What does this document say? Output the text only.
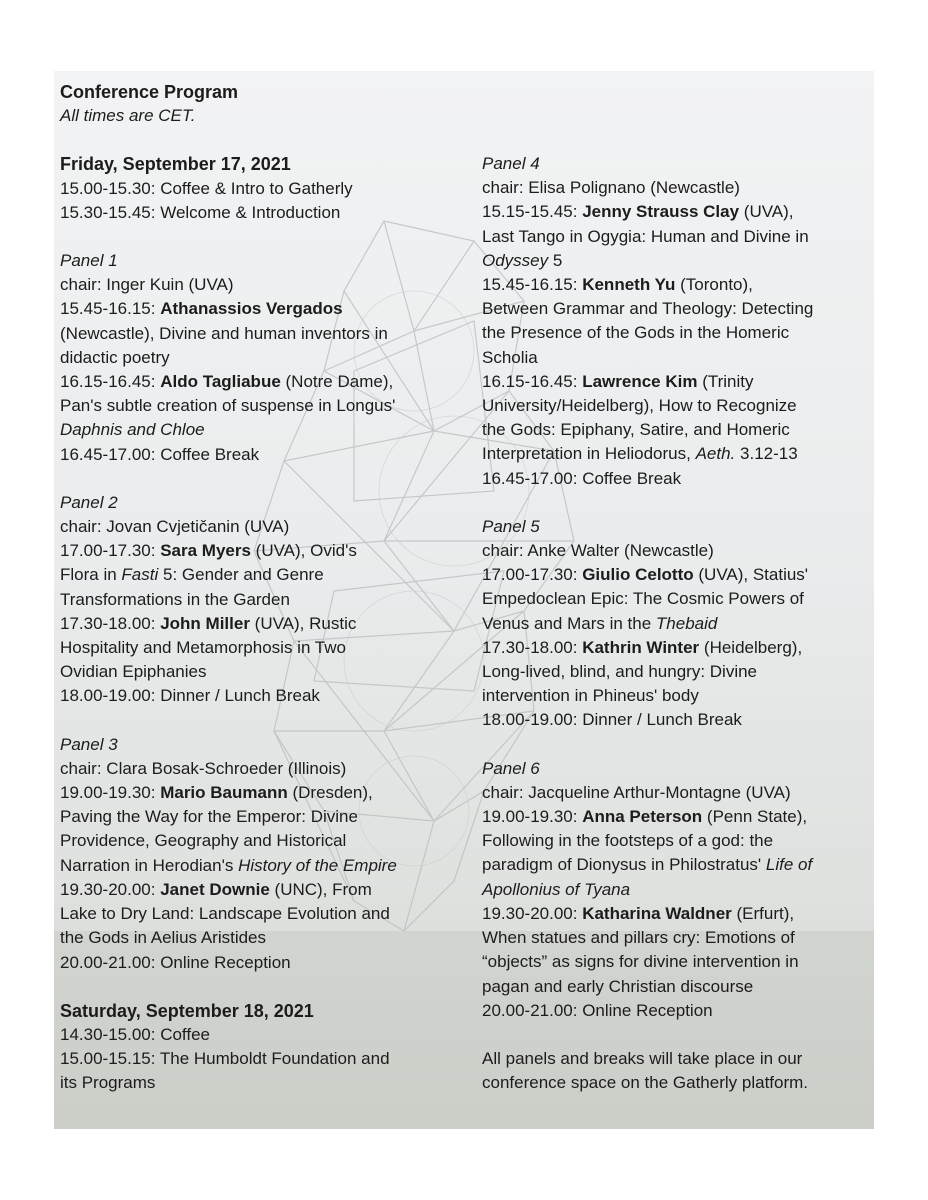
Conference Program
All times are CET.
Friday, September 17, 2021
15.00-15.30: Coffee & Intro to Gatherly
15.30-15.45: Welcome & Introduction
Panel 1
chair: Inger Kuin (UVA)
15.45-16.15: Athanassios Vergados
(Newcastle), Divine and human inventors in
didactic poetry
16.15-16.45: Aldo Tagliabue (Notre Dame),
Pan's subtle creation of suspense in Longus'
Daphnis and Chloe
16.45-17.00: Coffee Break
Panel 2
chair: Jovan Cvjetičanin (UVA)
17.00-17.30: Sara Myers (UVA), Ovid's
Flora in Fasti 5: Gender and Genre
Transformations in the Garden
17.30-18.00: John Miller (UVA), Rustic
Hospitality and Metamorphosis in Two
Ovidian Epiphanies
18.00-19.00: Dinner / Lunch Break
Panel 3
chair: Clara Bosak-Schroeder (Illinois)
19.00-19.30: Mario Baumann (Dresden),
Paving the Way for the Emperor: Divine
Providence, Geography and Historical
Narration in Herodian's History of the Empire
19.30-20.00: Janet Downie (UNC), From
Lake to Dry Land: Landscape Evolution and
the Gods in Aelius Aristides
20.00-21.00: Online Reception
Saturday, September 18, 2021
14.30-15.00: Coffee
15.00-15.15: The Humboldt Foundation and
its Programs
Panel 4
chair: Elisa Polignano (Newcastle)
15.15-15.45: Jenny Strauss Clay (UVA),
Last Tango in Ogygia: Human and Divine in
Odyssey 5
15.45-16.15: Kenneth Yu (Toronto),
Between Grammar and Theology: Detecting
the Presence of the Gods in the Homeric
Scholia
16.15-16.45: Lawrence Kim (Trinity
University/Heidelberg), How to Recognize
the Gods: Epiphany, Satire, and Homeric
Interpretation in Heliodorus, Aeth. 3.12-13
16.45-17.00: Coffee Break
Panel 5
chair: Anke Walter (Newcastle)
17.00-17.30: Giulio Celotto (UVA), Statius'
Empedoclean Epic: The Cosmic Powers of
Venus and Mars in the Thebaid
17.30-18.00: Kathrin Winter (Heidelberg),
Long-lived, blind, and hungry: Divine
intervention in Phineus' body
18.00-19.00: Dinner / Lunch Break
Panel 6
chair: Jacqueline Arthur-Montagne (UVA)
19.00-19.30: Anna Peterson (Penn State),
Following in the footsteps of a god: the
paradigm of Dionysus in Philostratus' Life of
Apollonius of Tyana
19.30-20.00: Katharina Waldner (Erfurt),
When statues and pillars cry: Emotions of
“objects” as signs for divine intervention in
pagan and early Christian discourse
20.00-21.00: Online Reception
All panels and breaks will take place in our
conference space on the Gatherly platform.
